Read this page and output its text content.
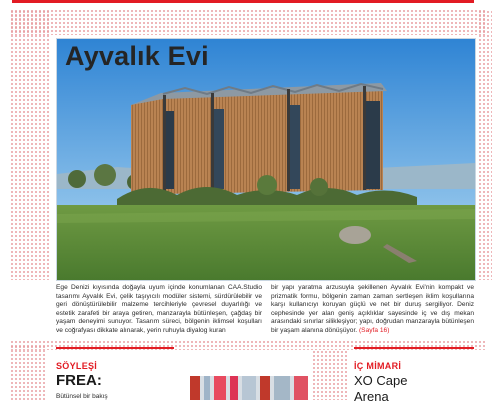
Ayvalık Evi
Ege Denizi kıyısında doğayla uyum içinde konumlanan CAA.Studio tasarımı Ayvalık Evi, çelik taşıyıcılı modüler sistemi, sürdürülebilir ve geri dönüştürülebilir malzeme tercihleriyle çevresel duyarlılığı ve estetik zarafeti bir araya getiren, manzarayla bütünleşen, çağdaş bir yaşam deneyimi sunuyor. Tasarım süreci, bölgenin iklimsel koşulları ve coğrafyası dikkate alınarak, yerin ruhuyla diyalog kuran
bir yapı yaratma arzusuyla şekillenen Ayvalık Evi'nin kompakt ve prizmatik formu, bölgenin zaman zaman sertleşen iklim koşullarına karşı kullanıcıyı koruyan güçlü ve net bir duruş sergiliyor. Deniz cephesinde yer alan geniş açıklıklar sayesinde iç ve dış mekan arasındaki sınırlar silikleşiyor; yapı, doğrudan manzarayla bütünleşen bir yaşam alanına dönüşüyor. (Sayfa 16)
SÖYLEŞİ
FREA:
Bütünsel bir bakış
İÇ MİMARİ
XO Cape
Arena
